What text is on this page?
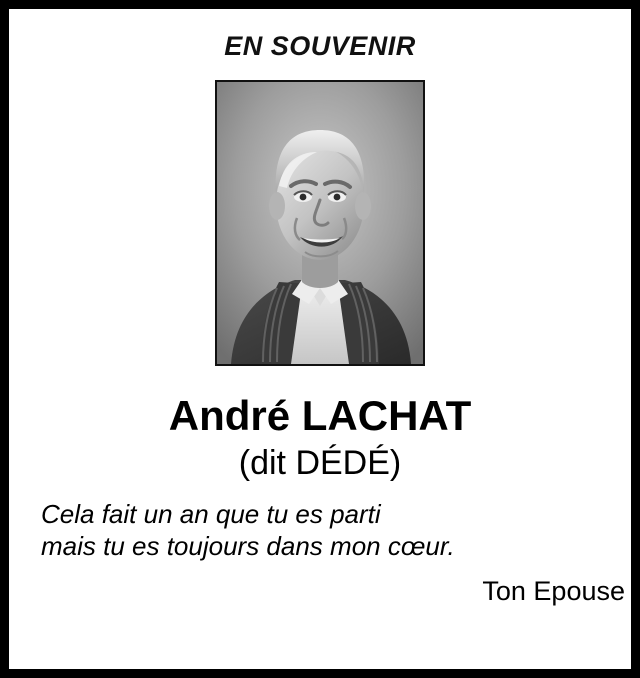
EN SOUVENIR
André LACHAT
(dit DÉDÉ)
Cela fait un an que tu es parti
mais tu es toujours dans mon cœur.
Ton Epouse
